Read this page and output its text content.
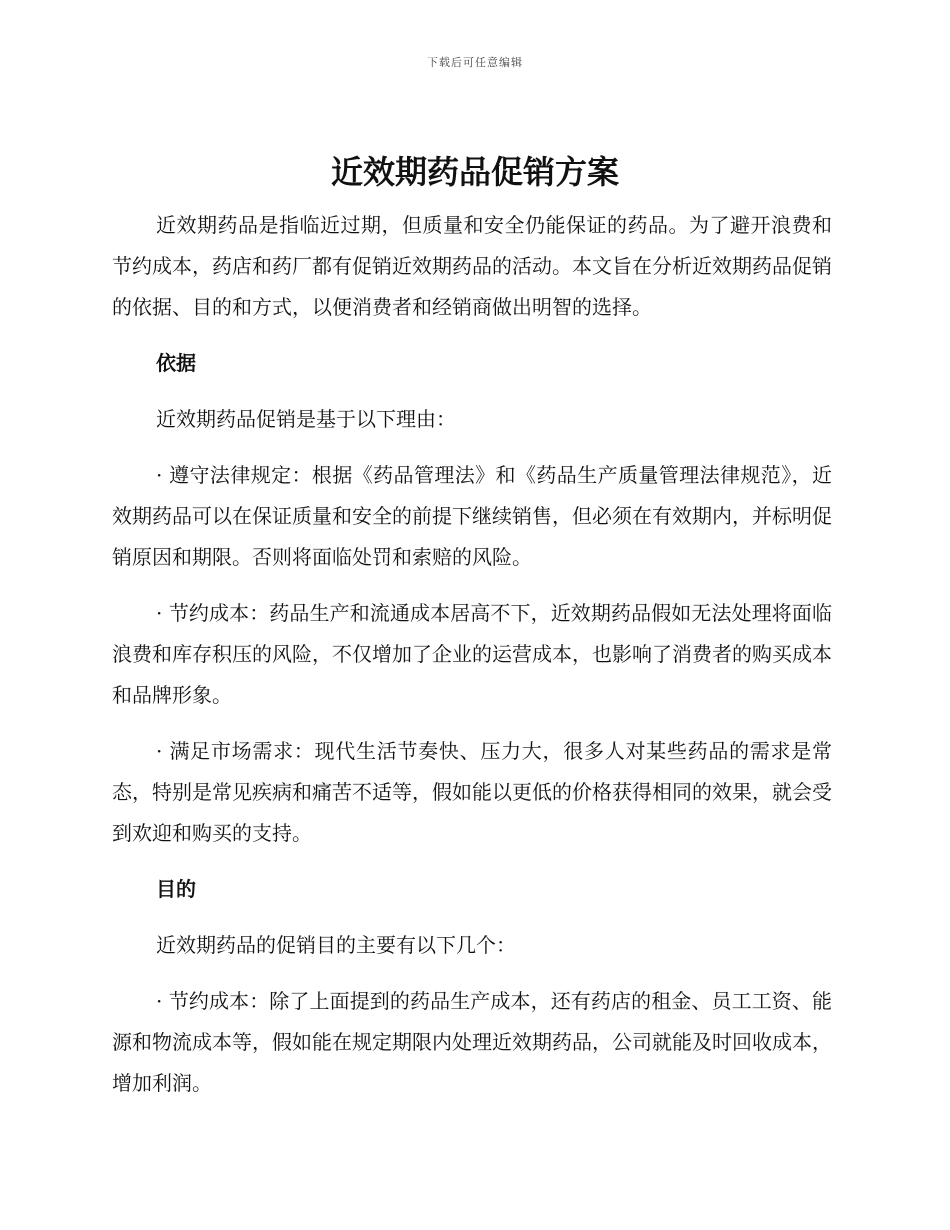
下载后可任意编辑
近效期药品促销方案

近效期药品是指临近过期，但质量和安全仍能保证的药品。为了避开浪费和节约成本，药店和药厂都有促销近效期药品的活动。本文旨在分析近效期药品促销的依据、目的和方式，以便消费者和经销商做出明智的选择。

依据

近效期药品促销是基于以下理由：

· 遵守法律规定：根据《药品管理法》和《药品生产质量管理法律规范》，近效期药品可以在保证质量和安全的前提下继续销售，但必须在有效期内，并标明促销原因和期限。否则将面临处罚和索赔的风险。

· 节约成本：药品生产和流通成本居高不下，近效期药品假如无法处理将面临浪费和库存积压的风险，不仅增加了企业的运营成本，也影响了消费者的购买成本和品牌形象。

· 满足市场需求：现代生活节奏快、压力大，很多人对某些药品的需求是常态，特别是常见疾病和痛苦不适等，假如能以更低的价格获得相同的效果，就会受到欢迎和购买的支持。

目的

近效期药品的促销目的主要有以下几个：

· 节约成本：除了上面提到的药品生产成本，还有药店的租金、员工工资、能源和物流成本等，假如能在规定期限内处理近效期药品，公司就能及时回收成本，增加利润。
